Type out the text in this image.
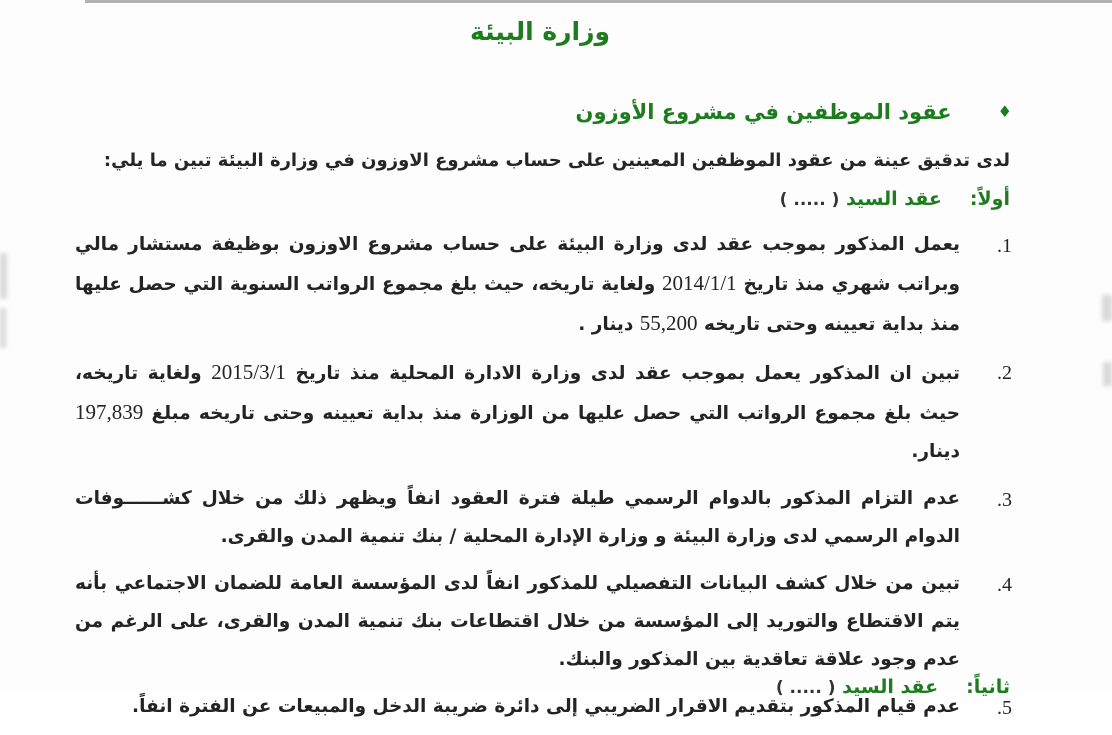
وزارة البيئة
♦
عقود الموظفين في مشروع الأوزون
لدى تدقيق عينة من عقود الموظفين المعينين على حساب مشروع الاوزون في وزارة البيئة تبين ما يلي:
أولاً:
عقد السيد ( ..... )
.1
يعمل المذكور بموجب عقد لدى وزارة البيئة على حساب مشروع الاوزون بوظيفة مستشار مالي وبراتب شهري منذ تاريخ 2014/1/1 ولغاية تاريخه، حيث بلغ مجموع الرواتب السنوية التي حصل عليها منذ بداية تعيينه وحتى تاريخه 55,200 دينار .
.2
تبين ان المذكور يعمل بموجب عقد لدى وزارة الادارة المحلية منذ تاريخ 2015/3/1 ولغاية تاريخه، حيث بلغ مجموع الرواتب التي حصل عليها من الوزارة منذ بداية تعيينه وحتى تاريخه مبلغ 197,839 دينار.
.3
عدم التزام المذكور بالدوام الرسمي طيلة فترة العقود انفاً ويظهر ذلك من خلال كشــــــوفات الدوام الرسمي لدى وزارة البيئة و وزارة الإدارة المحلية / بنك تنمية المدن والقرى.
.4
تبين من خلال كشف البيانات التفصيلي للمذكور انفاً لدى المؤسسة العامة للضمان الاجتماعي بأنه يتم الاقتطاع والتوريد إلى المؤسسة من خلال اقتطاعات بنك تنمية المدن والقرى، على الرغم من عدم وجود علاقة تعاقدية بين المذكور والبنك.
.5
عدم قيام المذكور بتقديم الاقرار الضريبي إلى دائرة ضريبة الدخل والمبيعات عن الفترة انفاً.
ثانياً:
عقد السيد ( ..... )
